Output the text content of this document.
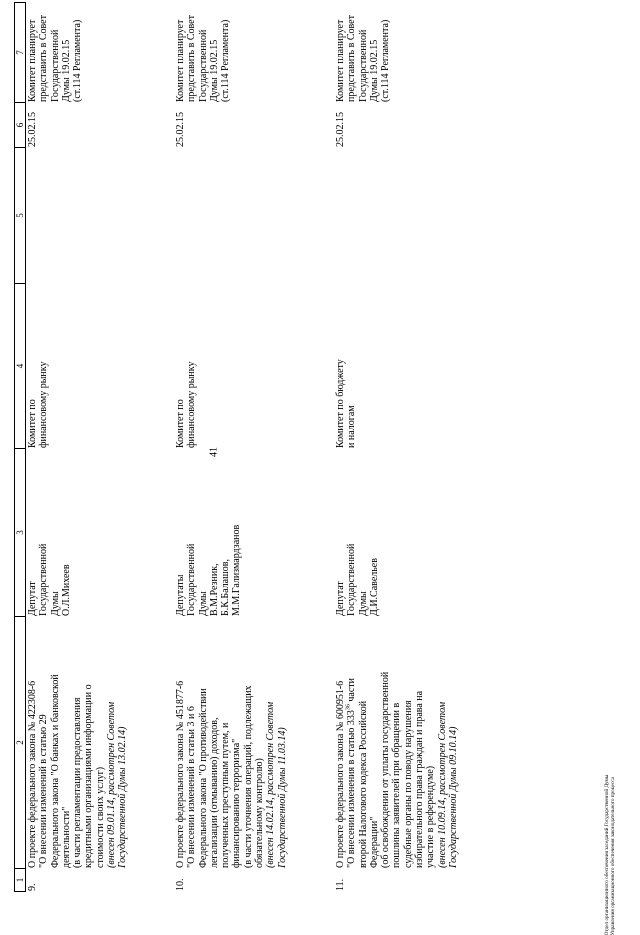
41
1
2
3
4
5
6
7
9.
О проекте федерального закона № 422308-6 "О внесении изменений в статью 29 Федерального закона "О банках и банковской деятельности" (в части регламентации предоставления кредитными организациями информации о стоимости своих услуг) (внесен 09.01.14, рассмотрен Советом Государственной Думы 13.02.14)
Депутат Государственной Думы О.Л.Михеев
Комитет по финансовому рынку
25.02.15
Комитет планирует представить в Совет Государственной Думы 19.02.15 (ст.114 Регламента)
10.
О проекте федерального закона № 451877-6 "О внесении изменений в статьи 3 и 6 Федерального закона "О противодействии легализации (отмыванию) доходов, полученных преступным путем, и финансированию терроризма" (в части уточнения операций, подлежащих обязательному контролю) (внесен 14.02.14, рассмотрен Советом Государственной Думы 11.03.14)
Депутаты Государственной Думы В.М.Резник, Б.К.Балашов, М.М.Гализмардзанов
Комитет по финансовому рынку
25.02.15
Комитет планирует представить в Совет Государственной Думы 19.02.15 (ст.114 Регламента)
11.
О проекте федерального закона № 600951-6 "О внесении изменения в статью $333^{36}$ части
второй Налогового кодекса Российской Федерации" (об освобождении от уплаты государственной пошлины заявителей при обращении в судебные органы по поводу нарушения избирательного права граждан и права на участие в референдуме) (внесен 10.09.14, рассмотрен Советом Государственной Думы 09.10.14)
Депутат Государственной Думы Д.И.Савельев
Комитет по бюджету и налогам
25.02.15
Комитет планирует представить в Совет Государственной Думы 19.02.15 (ст.114 Регламента)
Отдел организационного обеспечения заседаний Государственной Думы Управления организационного обеспечения законодательного процесса
